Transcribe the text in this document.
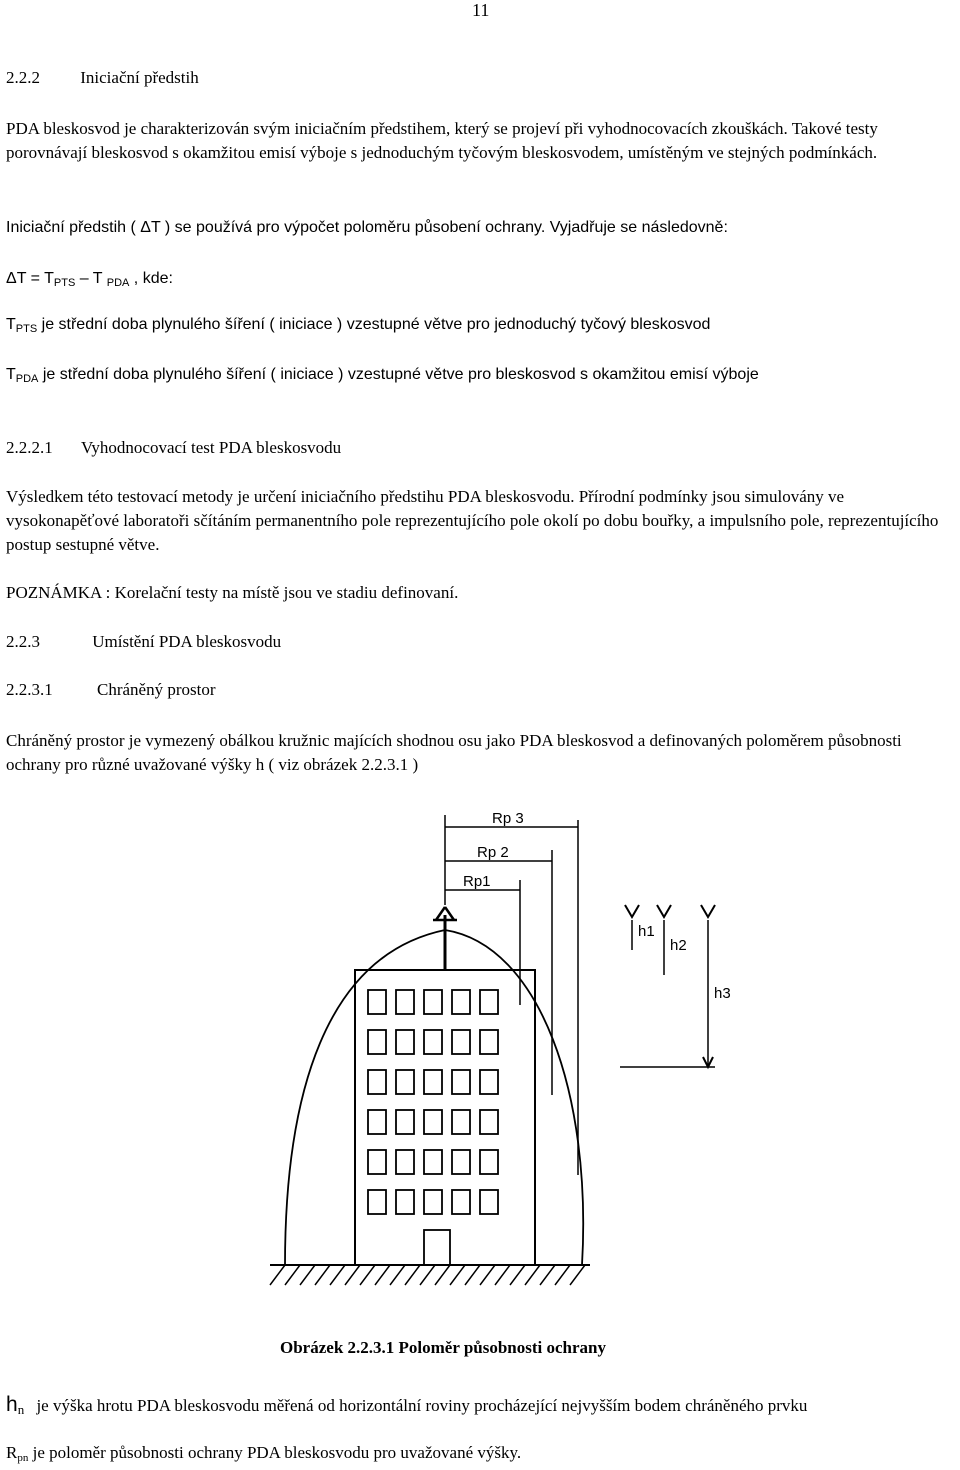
11
2.2.2 Iniciační předstih
PDA bleskosvod je charakterizován svým iniciačním předstihem, který se projeví při vyhodnocovacích zkouškách. Takové testy porovnávají bleskosvod s okamžitou emisí výboje s jednoduchým tyčovým bleskosvodem, umístěným ve stejných podmínkách.
Iniciační předstih ( ΔT ) se používá pro výpočet poloměru působení ochrany. Vyjadřuje se následovně:
$\Delta T = T_{PTS} - T$ $_{PDA}$ , kde:
$T_{PTS}$ je střední doba plynulého šíření ( iniciace ) vzestupné větve pro jednoduchý tyčový bleskosvod
$T_{PDA}$ je střední doba plynulého šíření ( iniciace ) vzestupné větve pro bleskosvod s okamžitou emisí výboje
2.2.2.1 Vyhodnocovací test PDA bleskosvodu
Výsledkem této testovací metody je určení iniciačního předstihu PDA bleskosvodu. Přírodní podmínky jsou simulovány ve vysokonapěťové laboratoři sčítáním permanentního pole reprezentujícího pole okolí po dobu bouřky, a impulsního pole, reprezentujícího postup sestupné větve.
POZNÁMKA : Korelační testy na místě jsou ve stadiu definovaní.
2.2.3	Umístění PDA bleskosvodu
2.2.3.1	Chráněný prostor
Chráněný prostor je vymezený obálkou kružnic majících shodnou osu jako PDA bleskosvod a definovaných poloměrem působnosti ochrany pro různé uvažované výšky h ( viz obrázek 2.2.3.1 )
Rp 3
Rp 2
Rp1
h1
h2
h3
Obrázek 2.2.3.1 Poloměr působnosti ochrany
$h_n$ je výška hrotu PDA bleskosvodu měřená od horizontální roviny procházející nejvyšším bodem chráněného prvku
$R_{pn}$ je poloměr působnosti ochrany PDA bleskosvodu pro uvažované výšky.
